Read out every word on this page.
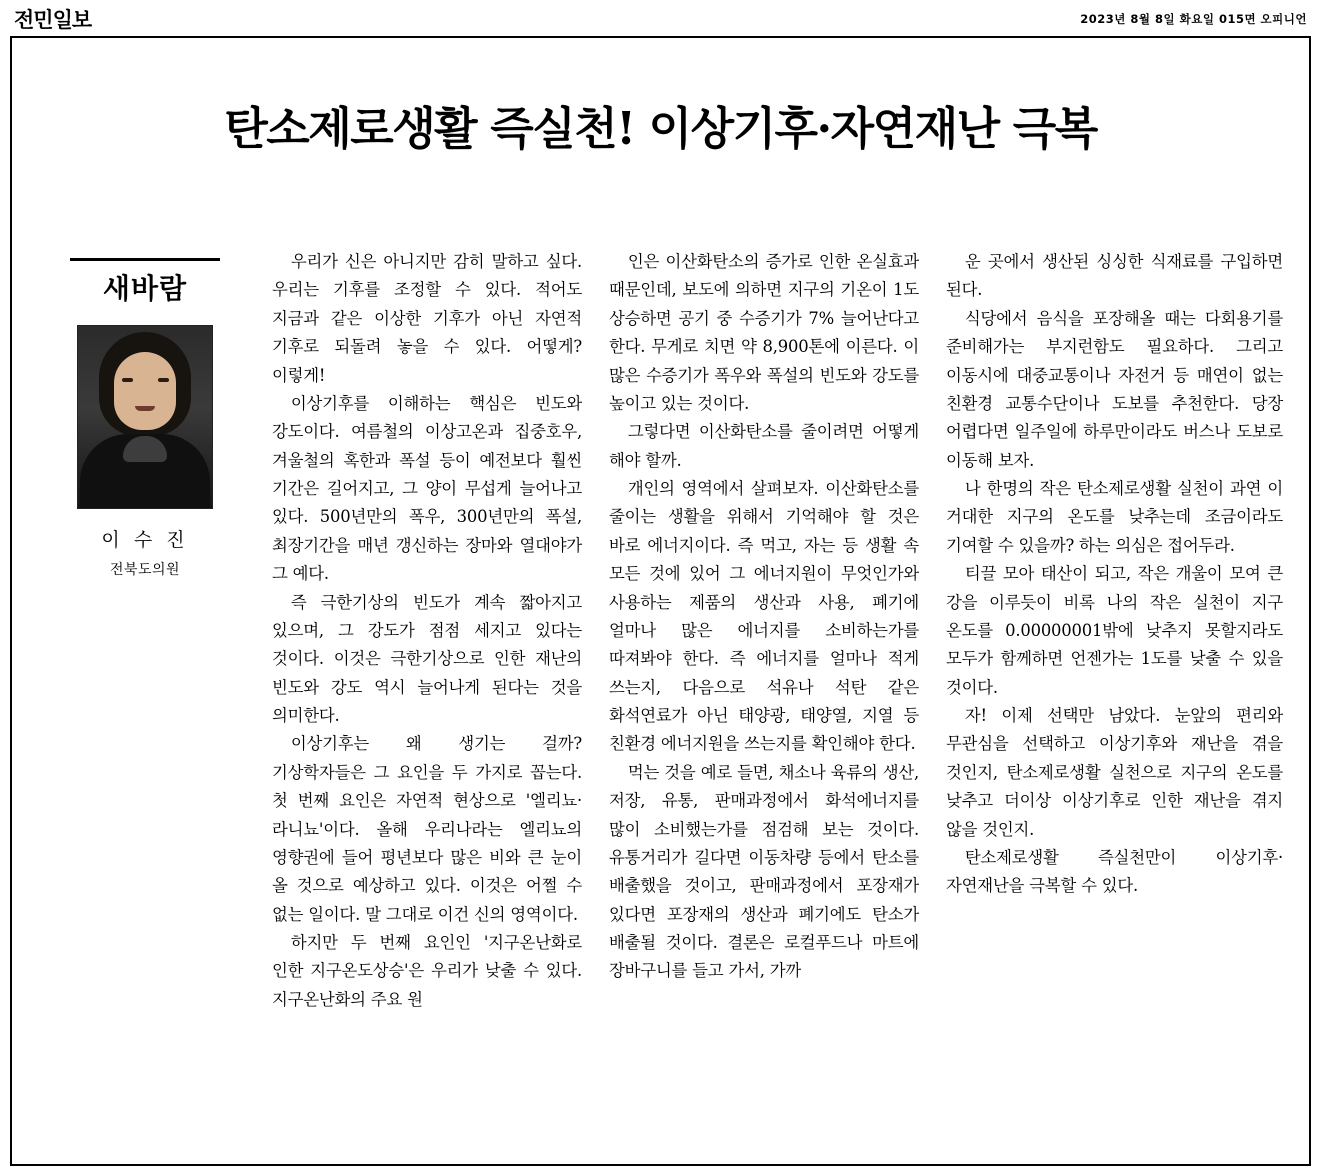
전민일보	2023년 8월 8일 화요일 015면 오피니언
탄소제로생활 즉실천! 이상기후·자연재난 극복
새바람
이 수 진
전북도의원

우리가 신은 아니지만 감히 말하고 싶다. 우리는 기후를 조정할 수 있다. 적어도 지금과 같은 이상한 기후가 아닌 자연적 기후로 되돌려 놓을 수 있다. 어떻게? 이렇게!

이상기후를 이해하는 핵심은 빈도와 강도이다. 여름철의 이상고온과 집중호우, 겨울철의 혹한과 폭설 등이 예전보다 훨씬 기간은 길어지고, 그 양이 무섭게 늘어나고 있다. 500년만의 폭우, 300년만의 폭설, 최장기간을 매년 갱신하는 장마와 열대야가 그 예다.

즉 극한기상의 빈도가 계속 짧아지고 있으며, 그 강도가 점점 세지고 있다는 것이다. 이것은 극한기상으로 인한 재난의 빈도와 강도 역시 늘어나게 된다는 것을 의미한다.

이상기후는 왜 생기는 걸까? 기상학자들은 그 요인을 두 가지로 꼽는다. 첫 번째 요인은 자연적 현상으로 '엘리뇨·라니뇨'이다. 올해 우리나라는 엘리뇨의 영향권에 들어 평년보다 많은 비와 큰 눈이 올 것으로 예상하고 있다. 이것은 어쩔 수 없는 일이다. 말 그대로 이건 신의 영역이다.

하지만 두 번째 요인인 '지구온난화로 인한 지구온도상승'은 우리가 낮출 수 있다. 지구온난화의 주요 원

인은 이산화탄소의 증가로 인한 온실효과 때문인데, 보도에 의하면 지구의 기온이 1도 상승하면 공기 중 수증기가 7% 늘어난다고 한다. 무게로 치면 약 8,900톤에 이른다. 이 많은 수증기가 폭우와 폭설의 빈도와 강도를 높이고 있는 것이다.

그렇다면 이산화탄소를 줄이려면 어떻게 해야 할까.

개인의 영역에서 살펴보자. 이산화탄소를 줄이는 생활을 위해서 기억해야 할 것은 바로 에너지이다. 즉 먹고, 자는 등 생활 속 모든 것에 있어 그 에너지원이 무엇인가와 사용하는 제품의 생산과 사용, 폐기에 얼마나 많은 에너지를 소비하는가를 따져봐야 한다. 즉 에너지를 얼마나 적게 쓰는지, 다음으로 석유나 석탄 같은 화석연료가 아닌 태양광, 태양열, 지열 등 친환경 에너지원을 쓰는지를 확인해야 한다.

먹는 것을 예로 들면, 채소나 육류의 생산, 저장, 유통, 판매과정에서 화석에너지를 많이 소비했는가를 점검해 보는 것이다. 유통거리가 길다면 이동차량 등에서 탄소를 배출했을 것이고, 판매과정에서 포장재가 있다면 포장재의 생산과 폐기에도 탄소가 배출될 것이다. 결론은 로컬푸드나 마트에 장바구니를 들고 가서, 가까

운 곳에서 생산된 싱싱한 식재료를 구입하면 된다.

식당에서 음식을 포장해올 때는 다회용기를 준비해가는 부지런함도 필요하다. 그리고 이동시에 대중교통이나 자전거 등 매연이 없는 친환경 교통수단이나 도보를 추천한다. 당장 어렵다면 일주일에 하루만이라도 버스나 도보로 이동해 보자.

나 한명의 작은 탄소제로생활 실천이 과연 이 거대한 지구의 온도를 낮추는데 조금이라도 기여할 수 있을까? 하는 의심은 접어두라.

티끌 모아 태산이 되고, 작은 개울이 모여 큰 강을 이루듯이 비록 나의 작은 실천이 지구 온도를 0.00000001밖에 낮추지 못할지라도 모두가 함께하면 언젠가는 1도를 낮출 수 있을 것이다.

자! 이제 선택만 남았다. 눈앞의 편리와 무관심을 선택하고 이상기후와 재난을 겪을 것인지, 탄소제로생활 실천으로 지구의 온도를 낮추고 더이상 이상기후로 인한 재난을 겪지 않을 것인지.

탄소제로생활 즉실천만이 이상기후·자연재난을 극복할 수 있다.
